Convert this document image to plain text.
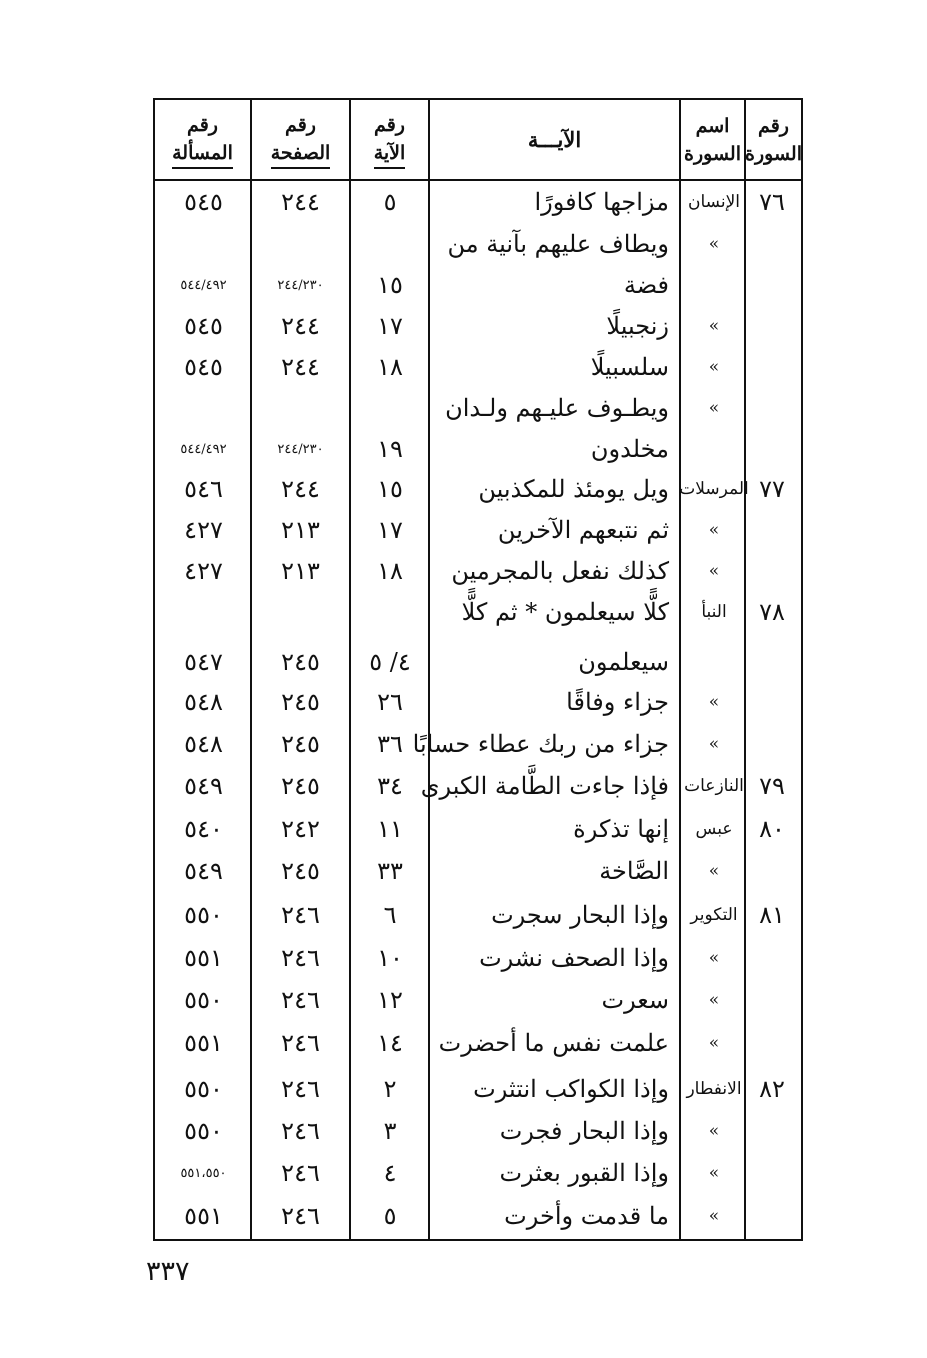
رقم
السورة
اسم
السورة
الآيـــة
رقم
الآية
رقم
الصفحة
رقم
المسألة
٧٦
الإنسان
مزاجها كافورًا
٥
٢٤٤
٥٤٥
»
ويطاف عليهم بآنية من
فضة
١٥
٢٤٤/٢٣٠
٥٤٤/٤٩٢
»
زنجبيلًا
١٧
٢٤٤
٥٤٥
»
سلسبيلًا
١٨
٢٤٤
٥٤٥
»
ويطـوف عليـهم ولـدان
مخلدون
١٩
٢٤٤/٢٣٠
٥٤٤/٤٩٢
٧٧
المرسلات
ويل يومئذ للمكذبين
١٥
٢٤٤
٥٤٦
»
ثم نتبعهم الآخرين
١٧
٢١٣
٤٢٧
»
كذلك نفعل بالمجرمين
١٨
٢١٣
٤٢٧
٧٨
النبأ
كلًّا سيعلمون * ثم كلًّا
سيعلمون
٤/ ٥
٢٤٥
٥٤٧
»
جزاء وفاقًا
٢٦
٢٤٥
٥٤٨
»
جزاء من ربك عطاء حسابًا
٣٦
٢٤٥
٥٤٨
٧٩
النازعات
فإذا جاءت الطَّامة الكبرى
٣٤
٢٤٥
٥٤٩
٨٠
عبس
إنها تذكرة
١١
٢٤٢
٥٤٠
»
الصَّاخة
٣٣
٢٤٥
٥٤٩
٨١
التكوير
وإذا البحار سجرت
٦
٢٤٦
٥٥٠
»
وإذا الصحف نشرت
١٠
٢٤٦
٥٥١
»
سعرت
١٢
٢٤٦
٥٥٠
»
علمت نفس ما أحضرت
١٤
٢٤٦
٥٥١
٨٢
الانفطار
وإذا الكواكب انتثرت
٢
٢٤٦
٥٥٠
»
وإذا البحار فجرت
٣
٢٤٦
٥٥٠
»
وإذا القبور بعثرت
٤
٢٤٦
٥٥١،٥٥٠
»
ما قدمت وأخرت
٥
٢٤٦
٥٥١
٣٣٧
